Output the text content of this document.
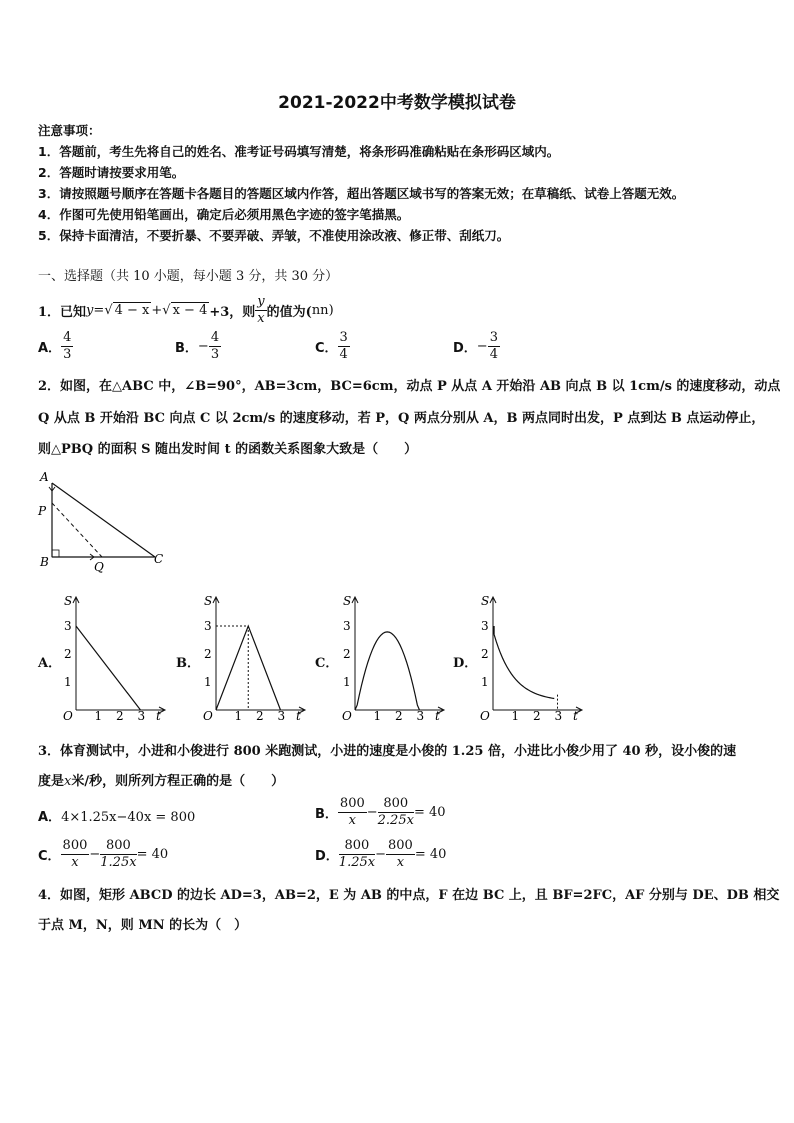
2021-2022中考数学模拟试卷
注意事项：
1．答题前，考生先将自己的姓名、准考证号码填写清楚，将条形码准确粘贴在条形码区域内。
2．答题时请按要求用笔。
3．请按照题号顺序在答题卡各题目的答题区域内作答，超出答题区域书写的答案无效；在草稿纸、试卷上答题无效。
4．作图可先使用铅笔画出，确定后必须用黑色字迹的签字笔描黑。
5．保持卡面清洁，不要折暴、不要弄破、弄皱，不准使用涂改液、修正带、刮纸刀。
一、选择题（共 10 小题，每小题 3 分，共 30 分）
1．已知 y = √ 4 − x + √ x − 4 +3，则 $\frac{y}{x}$ 的值为( nn )
A． $\frac{4}{3}$	B． − $\frac{4}{3}$	C． $\frac{3}{4}$	D． − $\frac{3}{4}$
2．如图，在△ABC 中，∠B=90°，AB=3cm，BC=6cm，动点 P 从点 A 开始沿 AB 向点 B 以 1cm/s 的速度移动，动点
Q 从点 B 开始沿 BC 向点 C 以 2cm/s 的速度移动，若 P，Q 两点分别从 A，B 两点同时出发，P 点到达 B 点运动停止，
则△PBQ 的面积 S 随出发时间 t 的函数关系图象大致是（　　）
A
P
B	Q
C
A．	B．	C．	D．
S
t
O
1
2
3
1 2 3
S
t
O
1
2
3
1 2 3
S
t
O
1
2
3
1 2 3
S
t
O
1
2
3
1 2 3
3．体育测试中，小进和小俊进行 800 米跑测试，小进的速度是小俊的 1.25 倍，小进比小俊少用了 40 秒，设小俊的速
度是x米/秒，则所列方程正确的是（　　）
A．4×1.25x−40x = 800	B． $\frac{800}{x} - \frac{800}{2.25x} = 40$
C． $\frac{800}{x} - \frac{800}{1.25x} = 40$	D． $\frac{800}{1.25x} - \frac{800}{x} = 40$
4．如图，矩形 ABCD 的边长 AD=3，AB=2，E 为 AB 的中点，F 在边 BC 上，且 BF=2FC，AF 分别与 DE、DB 相交
于点 M，N，则 MN 的长为（　）
